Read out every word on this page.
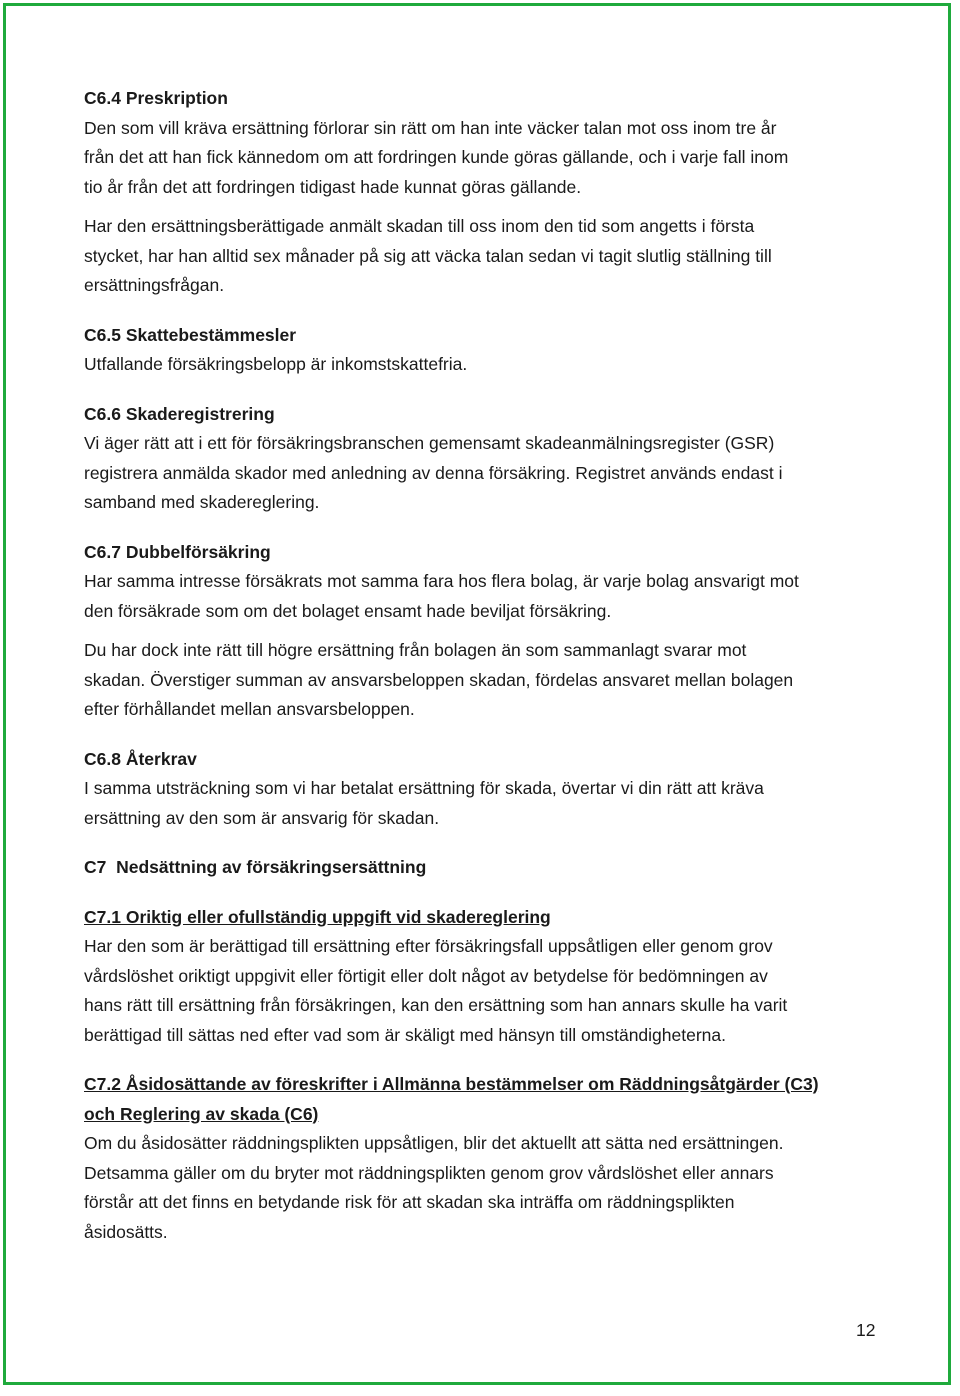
C6.4 Preskription
Den som vill kräva ersättning förlorar sin rätt om han inte väcker talan mot oss inom tre år
från det att han fick kännedom om att fordringen kunde göras gällande, och i varje fall inom
tio år från det att fordringen tidigast hade kunnat göras gällande.
Har den ersättningsberättigade anmält skadan till oss inom den tid som angetts i första
stycket, har han alltid sex månader på sig att väcka talan sedan vi tagit slutlig ställning till
ersättningsfrågan.
C6.5 Skattebestämmesler
Utfallande försäkringsbelopp är inkomstskattefria.
C6.6 Skaderegistrering
Vi äger rätt att i ett för försäkringsbranschen gemensamt skadeanmälningsregister (GSR)
registrera anmälda skador med anledning av denna försäkring. Registret används endast i
samband med skadereglering.
C6.7 Dubbelförsäkring
Har samma intresse försäkrats mot samma fara hos flera bolag, är varje bolag ansvarigt mot
den försäkrade som om det bolaget ensamt hade beviljat försäkring.
Du har dock inte rätt till högre ersättning från bolagen än som sammanlagt svarar mot
skadan. Överstiger summan av ansvarsbeloppen skadan, fördelas ansvaret mellan bolagen
efter förhållandet mellan ansvarsbeloppen.
C6.8 Återkrav
I samma utsträckning som vi har betalat ersättning för skada, övertar vi din rätt att kräva
ersättning av den som är ansvarig för skadan.
C7  Nedsättning av försäkringsersättning
C7.1 Oriktig eller ofullständig uppgift vid skadereglering
Har den som är berättigad till ersättning efter försäkringsfall uppsåtligen eller genom grov
vårdslöshet oriktigt uppgivit eller förtigit eller dolt något av betydelse för bedömningen av
hans rätt till ersättning från försäkringen, kan den ersättning som han annars skulle ha varit
berättigad till sättas ned efter vad som är skäligt med hänsyn till omständigheterna.
C7.2 Åsidosättande av föreskrifter i Allmänna bestämmelser om Räddningsåtgärder (C3)
och Reglering av skada (C6)
Om du åsidosätter räddningsplikten uppsåtligen, blir det aktuellt att sätta ned ersättningen.
Detsamma gäller om du bryter mot räddningsplikten genom grov vårdslöshet eller annars
förstår att det finns en betydande risk för att skadan ska inträffa om räddningsplikten
åsidosätts.
12
